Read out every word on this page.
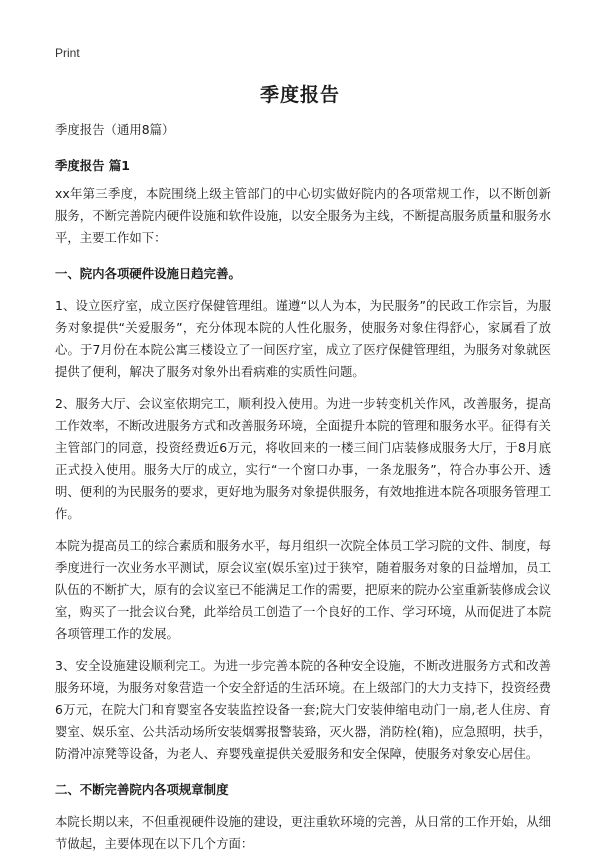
Print
季度报告

季度报告（通用8篇）

季度报告 篇1

xx年第三季度，本院围绕上级主管部门的中心切实做好院内的各项常规工作，以不断创新服务，不断完善院内硬件设施和软件设施，以安全服务为主线，不断提高服务质量和服务水平，主要工作如下：

一、院内各项硬件设施日趋完善。

1、设立医疗室，成立医疗保健管理组。谨遵“以人为本，为民服务”的民政工作宗旨，为服务对象提供“关爱服务”，充分体现本院的人性化服务，使服务对象住得舒心，家属看了放心。于7月份在本院公寓三楼设立了一间医疗室，成立了医疗保健管理组，为服务对象就医提供了便利，解决了服务对象外出看病难的实质性问题。

2、服务大厅、会议室依期完工，顺利投入使用。为进一步转变机关作风，改善服务，提高工作效率，不断改进服务方式和改善服务环境，全面提升本院的管理和服务水平。征得有关主管部门的同意，投资经费近6万元，将收回来的一楼三间门店装修成服务大厅，于8月底正式投入使用。服务大厅的成立，实行“一个窗口办事，一条龙服务”，符合办事公开、透明、便利的为民服务的要求，更好地为服务对象提供服务，有效地推进本院各项服务管理工作。

本院为提高员工的综合素质和服务水平，每月组织一次院全体员工学习院的文件、制度，每季度进行一次业务水平测试，原会议室(娱乐室)过于狭窄，随着服务对象的日益增加，员工队伍的不断扩大，原有的会议室已不能满足工作的需要，把原来的院办公室重新装修成会议室，购买了一批会议台凳，此举给员工创造了一个良好的工作、学习环境，从而促进了本院各项管理工作的发展。

3、安全设施建设顺利完工。为进一步完善本院的各种安全设施，不断改进服务方式和改善服务环境，为服务对象营造一个安全舒适的生活环境。在上级部门的大力支持下，投资经费6万元，在院大门和育婴室各安装监控设备一套;院大门安装伸缩电动门一扇,老人住房、育婴室、娱乐室、公共活动场所安装烟雾报警装臵，灭火器，消防栓(箱)，应急照明，扶手，防滑冲凉凳等设备，为老人、弃婴残童提供关爱服务和安全保障，使服务对象安心居住。

二、不断完善院内各项规章制度

本院长期以来，不但重视硬件设施的建设，更注重软环境的完善，从日常的工作开始，从细节做起，主要体现在以下几个方面：
